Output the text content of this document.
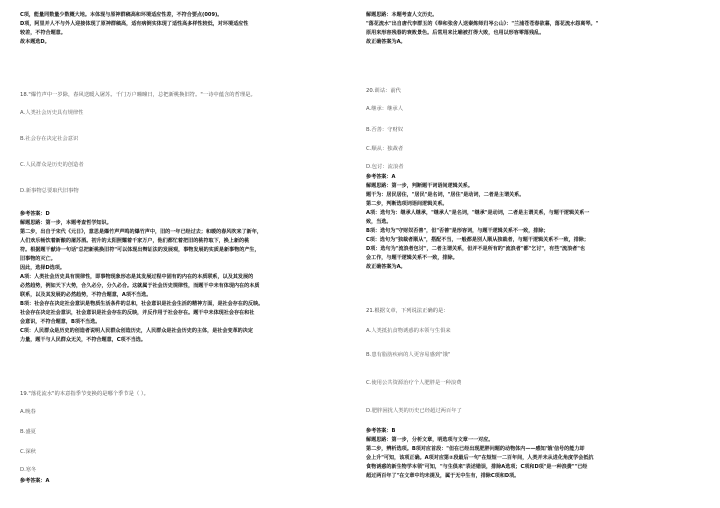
C项，能量同数量少数概大地。本体现与原神群稿高和环境适应性差，不符合要点(009)。
D项，阿里并人不与外人迎接体现了原神群稿高，适有病倒实体现了适性高多样性较低，对环境适应性
较差，不符合题意。
故本题选D。
18."爆竹声中一岁除，春风送暖入屠苏。千门万户曈曈日，总把新桃换旧符。"一诗中蕴含的哲理是。
A.人类社会历史具有规律性
B.社会存在决定社会意识
C.人民群众是历史的创造者
D.新事物总要取代旧事物
参考答案：D
解题思路：第一步，本题考查哲学知识。
第二步，出自于宋代《元日》，意思是爆竹声声鸣的爆竹声中，旧的一年已经过去；和暖的春风吹来了新年，
人们欢乐畅饮着新酿的屠苏酒。初升的太阳照耀着千家万户，他们都忙着把旧的桃符取下，换上新的桃
符。根据题干献诗一句话"总把新桃换旧符"可以体现出辩证法的发展观，事物发展的实质是新事物的产生，
旧事物的灭亡。
因此，选择D选项。
A项：人类社会历史具有规律性，即事物现象形态是其发展过程中固有的内在的本质联系，以及其发展的
必然趋势，例如天下大势，合久必分，分久必合。这就属于社会历史规律性，而题干中未有体现内在的本质
联系，以及其发展的必然趋势，不符合题意，A项不当选。
B项：社会存在决定社会意识是物质生活条件的总和，社会意识是社会生活的精神方面，是社会存在的反映。
社会存在决定社会意识，社会意识是社会存在的反映，并反作用于社会存在。题干中未体现社会存在和社
会意识，不符合题意，B项不当选。
C项：人民群众是历史的创造者说明人民群众创造历史，人民群众是社会历史的主体，是社会变革的决定
力量，题干与人民群众无关，不符合题意，C项不当选。
19."落花流水"的本意指季节变换的是哪个季节是（ ）。
A.晚春
B.盛夏
C.深秋
D.寒冬
参考答案：A
解题思路：本题考查人文历史。
"落花流水"出自唐代李群玉的《奉和张舍人送秦炼师归岑公山》："兰浦苍苍春欲暮，落花流水怨离琴。"
原用来形容残春的衰败景色。后常用来比喻被打得大败，也用以形容零落残乱。
故正确答案为A。
20.训诂：前代
A.继承：继承人
B.否善：守财奴
C.顺从：独裁者
D.包讨：流浪者
参考答案：A
解题思路：第一步，判断题干词语间逻辑关系。
题干为：居民居住，"居民"是名词，"居住"是动词，二者是主谓关系。
第二步，判断选项词语间逻辑关系。
A项：选句为：继承人继承，"继承人"是名词，"继承"是动词，二者是主谓关系，与题干逻辑关系一
致，当选。
B项：选句为"守财奴否善"，但"否善"是形容词，与题干逻辑关系不一致，排除；
C项：选句为"独裁者顺从"，搭配不当，一般都是别人顺从独裁者，与题干逻辑关系不一致，排除；
D项：选句为"流浪者包讨"，二者主谓关系，但并不是所有的"流浪者"都"乞讨"，有些"流浪者"也
会工作，与题干逻辑关系不一致，排除。
故正确答案为A。
21.根据文章，下列说法正确的是：
A.人类抵抗食物诱惑的本领与生俱来
B.患有脂肪疾病的人更容易感到"饿"
C.使用公共资源治疗个人肥胖是一种浪费
D.肥胖困扰人类的历史已经超过两百年了
参考答案：B
解题思路：第一步，分析文章，明选项与文章一一对应。
第二步，辨析选项。B项对应首段："但在已经出现肥胖问题的动物体内——感知'饿'信号的能力却
会上升"可知，该项正确。A项对应第②段最后一句"在短短一二百年间，人类并未从进化角度学会抵抗
食物诱惑的新生物学本领"可知，"与生俱来"表述错误，排除A选项；C项和D项"是一种浪费""已经
超过两百年了"在文章中均未提及，属于无中生有，排除C项和D项。
